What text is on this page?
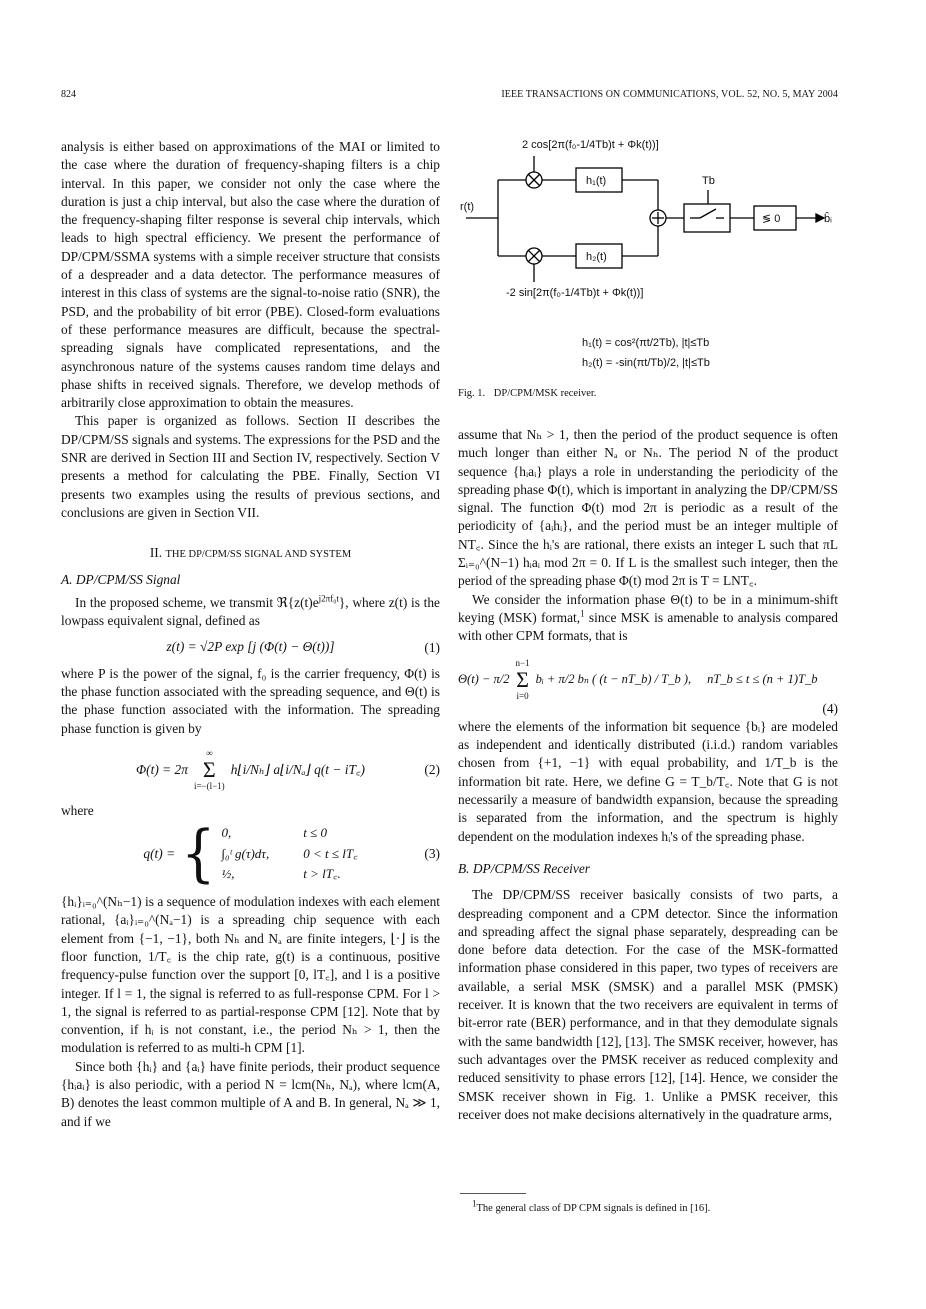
824	IEEE TRANSACTIONS ON COMMUNICATIONS, VOL. 52, NO. 5, MAY 2004

analysis is either based on approximations of the MAI or limited to the case where the duration of frequency-shaping filters is a chip interval. In this paper, we consider not only the case where the duration is just a chip interval, but also the case where the duration of the frequency-shaping filter response is several chip intervals, which leads to high spectral efficiency. We present the performance of DP/CPM/SSMA systems with a simple receiver structure that consists of a despreader and a data detector. The performance measures of interest in this class of systems are the signal-to-noise ratio (SNR), the PSD, and the probability of bit error (PBE). Closed-form evaluations of these performance measures are difficult, because the spectral-spreading signals have complicated representations, and the asynchronous nature of the systems causes random time delays and phase shifts in received signals. Therefore, we develop methods of arbitrarily close approximation to obtain the measures.

This paper is organized as follows. Section II describes the DP/CPM/SS signals and systems. The expressions for the PSD and the SNR are derived in Section III and Section IV, respectively. Section V presents a method for calculating the PBE. Finally, Section VI presents two examples using the results of previous sections, and conclusions are given in Section VII.

II. THE DP/CPM/SS SIGNAL AND SYSTEM
A. DP/CPM/SS Signal

In the proposed scheme, we transmit $ℜ\{z(t)e^{j2\pi f_0t}\}$, where z(t) is the lowpass equivalent signal, defined as

z(t) = √2P exp [j (Φ(t) − Θ(t))]	(1)

where P is the power of the signal, f₀ is the carrier frequency, Φ(t) is the phase function associated with the spreading sequence, and Θ(t) is the phase function associated with the information. The spreading phase function is given by

Φ(t) = 2π
∞
Σ
i=−(l−1)
h⌊i/Nₕ⌋ a⌊i/Nₐ⌋ q(t − iT꜀)	(2)

where

q(t) = { 0,	t ≤ 0
∫₀ᵗ g(τ)dτ,	0 < t ≤ lT꜀
½,	t > lT꜀.
(3)

{hᵢ}ᵢ₌₀^(Nₕ−1) is a sequence of modulation indexes with each element rational, {aᵢ}ᵢ₌₀^(Nₐ−1) is a spreading chip sequence with each element from {−1, −1}, both Nₕ and Nₐ are finite integers, ⌊·⌋ is the floor function, 1/T꜀ is the chip rate, g(t) is a continuous, positive frequency-pulse function over the support [0, lT꜀], and l is a positive integer. If l = 1, the signal is referred to as full-response CPM. For l > 1, the signal is referred to as partial-response CPM [12]. Note that by convention, if hᵢ is not constant, i.e., the period Nₕ > 1, then the modulation is referred to as multi-h CPM [1].

Since both {hᵢ} and {aᵢ} have finite periods, their product sequence {hᵢaᵢ} is also periodic, with a period N = lcm(Nₕ, Nₐ), where lcm(A, B) denotes the least common multiple of A and B. In general, Nₐ ≫ 1, and if we

2 cos[2π(f₀-1/4Tb)t + Φk(t))]
-2 sin[2π(f₀-1/4Tb)t + Φk(t))]
r(t)
h₁(t)
h₂(t)
Tb
≶ 0	b̂ᵢ
h₁(t) = cos²(πt/2Tb), |t|≤Tb
h₂(t) = -sin(πt/Tb)/2, |t|≤Tb
Fig. 1. DP/CPM/MSK receiver.

assume that Nₕ > 1, then the period of the product sequence is often much longer than either Nₐ or Nₕ. The period N of the product sequence {hᵢaᵢ} plays a role in understanding the periodicity of the spreading phase Φ(t), which is important in analyzing the DP/CPM/SS signal. The function Φ(t) mod 2π is periodic as a result of the periodicity of {aᵢhᵢ}, and the period must be an integer multiple of NT꜀. Since the hᵢ's are rational, there exists an integer L such that πL Σᵢ₌₀^(N−1) hᵢaᵢ mod 2π = 0. If L is the smallest such integer, then the period of the spreading phase Φ(t) mod 2π is T = LNT꜀.

We consider the information phase Θ(t) to be in a minimum-shift keying (MSK) format,$^1$ since MSK is amenable to analysis compared with other CPM formats, that is

Θ(t) − π/2
n−1
Σ
i=0
bᵢ + π/2 bₙ ( (t − nT_b) / T_b ), nT_b ≤ t ≤ (n + 1)T_b
(4)

where the elements of the information bit sequence {bᵢ} are modeled as independent and identically distributed (i.i.d.) random variables chosen from {+1, −1} with equal probability, and 1/T_b is the information bit rate. Here, we define G = T_b/T꜀. Note that G is not necessarily a measure of bandwidth expansion, because the spreading is separated from the information, and the spectrum is highly dependent on the modulation indexes hᵢ's of the spreading phase.

B. DP/CPM/SS Receiver

The DP/CPM/SS receiver basically consists of two parts, a despreading component and a CPM detector. Since the information and spreading affect the signal phase separately, despreading can be done before data detection. For the case of the MSK-formatted information phase considered in this paper, two types of receivers are available, a serial MSK (SMSK) and a parallel MSK (PMSK) receiver. It is known that the two receivers are equivalent in terms of bit-error rate (BER) performance, and in that they demodulate signals with the same bandwidth [12], [13]. The SMSK receiver, however, has such advantages over the PMSK receiver as reduced complexity and reduced sensitivity to phase errors [12], [14]. Hence, we consider the SMSK receiver shown in Fig. 1. Unlike a PMSK receiver, this receiver does not make decisions alternatively in the quadrature arms,

$^1$The general class of DP CPM signals is defined in [16].
